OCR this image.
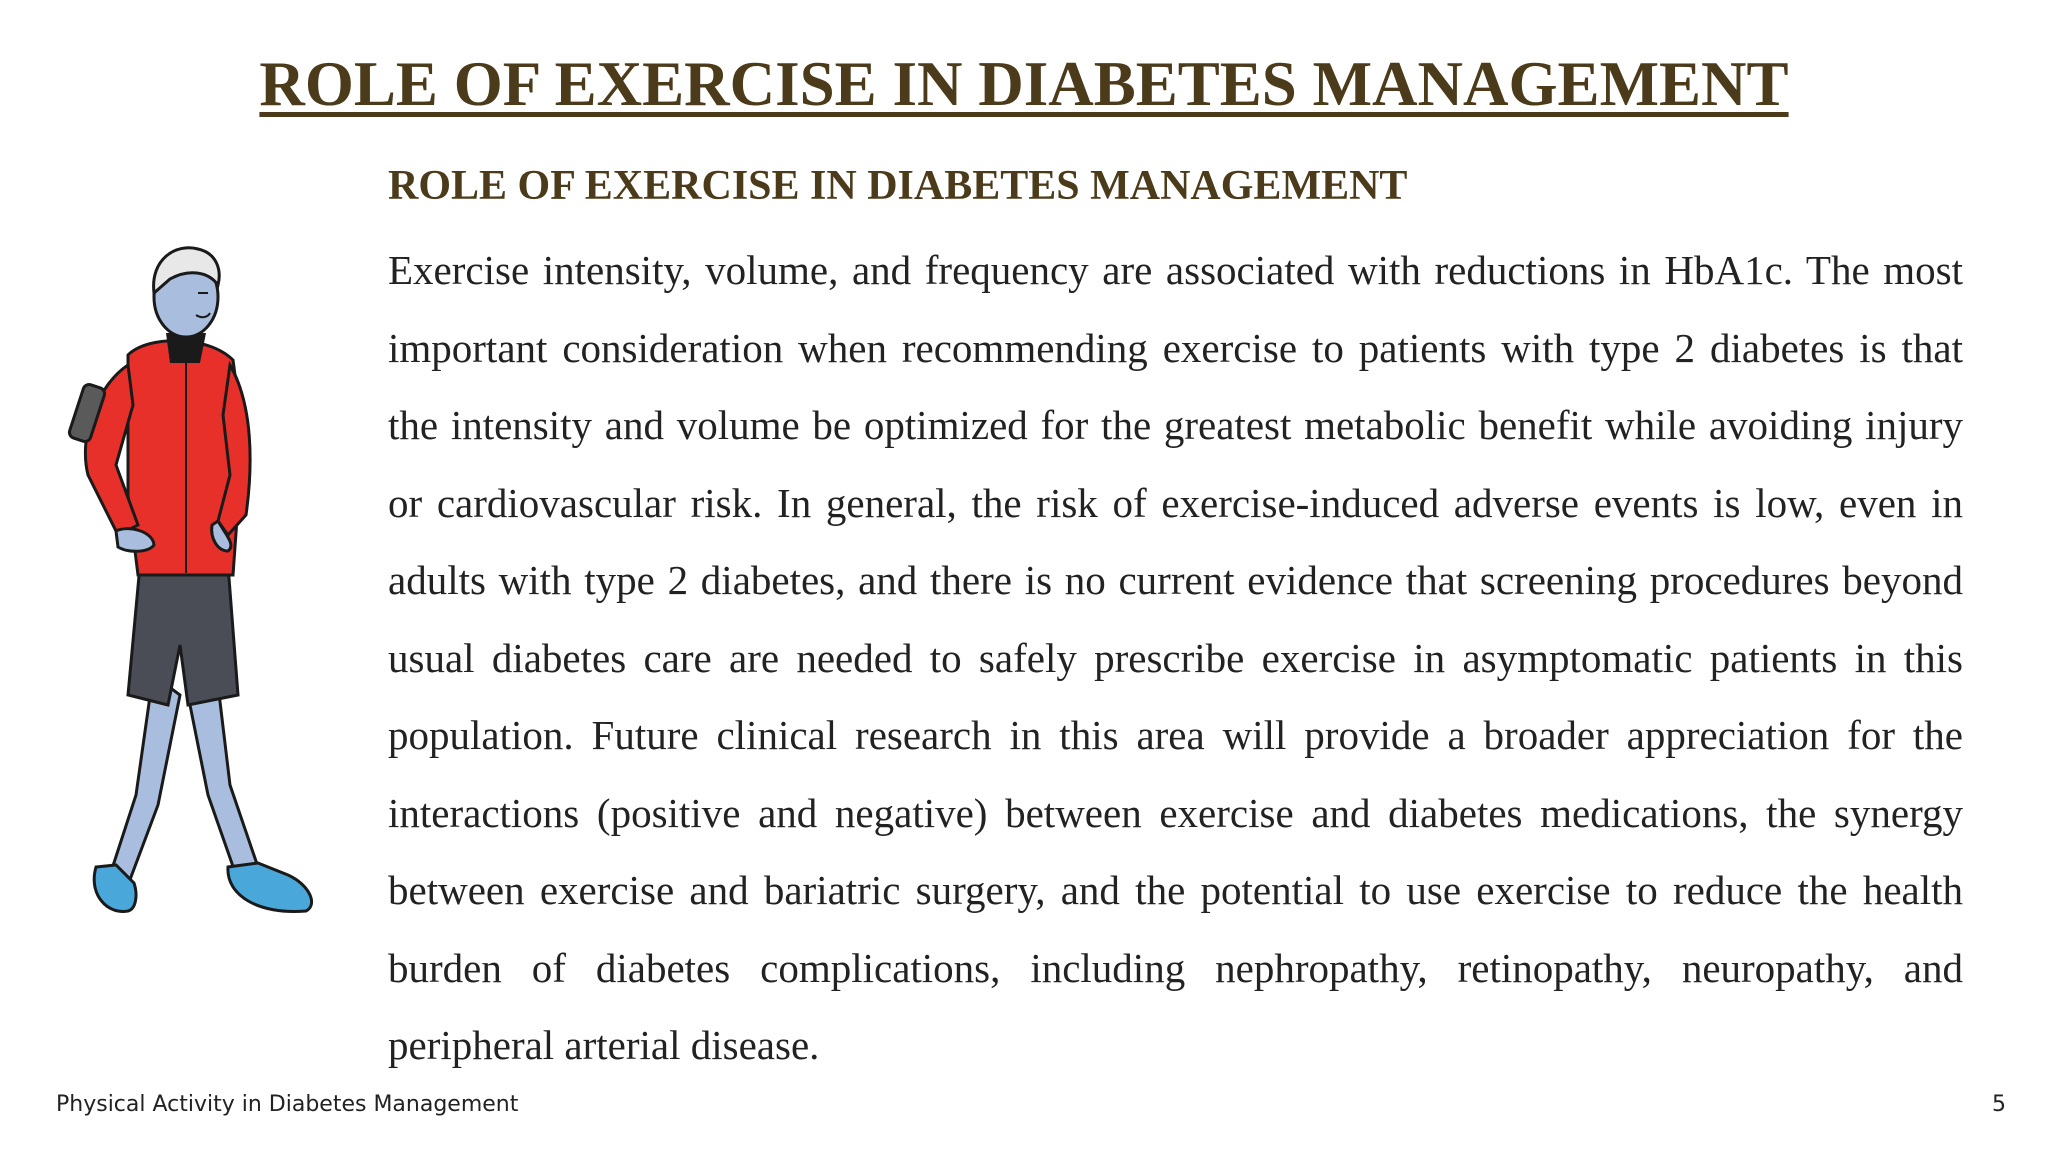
ROLE OF EXERCISE IN DIABETES MANAGEMENT
ROLE OF EXERCISE IN DIABETES MANAGEMENT

Exercise intensity, volume, and frequency are associated with reductions in HbA1c. The most important consideration when recommending exercise to patients with type 2 diabetes is that the intensity and volume be optimized for the greatest metabolic benefit while avoiding injury or cardiovascular risk. In general, the risk of exercise-induced adverse events is low, even in adults with type 2 diabetes, and there is no current evidence that screening procedures beyond usual diabetes care are needed to safely prescribe exercise in asymptomatic patients in this population. Future clinical research in this area will provide a broader appreciation for the interactions (positive and negative) between exercise and diabetes medications, the synergy between exercise and bariatric surgery, and the potential to use exercise to reduce the health burden of diabetes complications, including nephropathy, retinopathy, neuropathy, and peripheral arterial disease.

Physical Activity in Diabetes Management	5
